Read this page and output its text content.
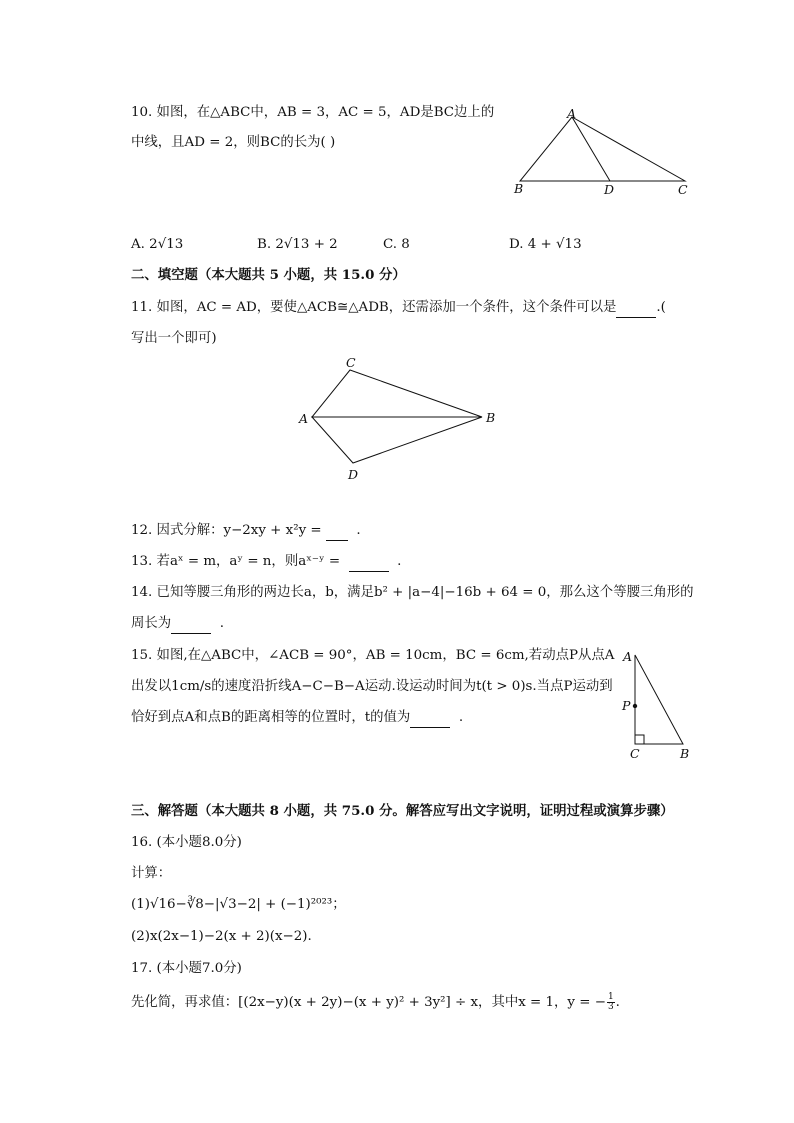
10. 如图，在△ABC中，AB = 3，AC = 5，AD是BC边上的
中线，且AD = 2，则BC的长为( )
A
B	D	C
A. 2√13	B. 2√13 + 2	C. 8	D. 4 + √13
二、填空题（本大题共 5 小题，共 15.0 分）
11. 如图，AC = AD，要使△ACB≅△ADB，还需添加一个条件，这个条件可以是	.(
写出一个即可)
C
A	B
D
12. 因式分解：y−2xy + x²y =	.
13. 若aˣ = m，aʸ = n，则aˣ⁻ʸ =	.
14. 已知等腰三角形的两边长a，b，满足b² + |a−4|−16b + 64 = 0，那么这个等腰三角形的
周长为	.
15. 如图,在△ABC中，∠ACB = 90°，AB = 10cm，BC = 6cm,若动点P从点A
出发以1cm/s的速度沿折线A−C−B−A运动.设运动时间为t(t > 0)s.当点P运动到
恰好到点A和点B的距离相等的位置时，t的值为	.
A
P
C	B
三、解答题（本大题共 8 小题，共 75.0 分。解答应写出文字说明，证明过程或演算步骤）
16. (本小题8.0分)
计算：
(1)√16−∛8−|√3−2| + (−1)²⁰²³；
(2)x(2x−1)−2(x + 2)(x−2).
17. (本小题7.0分)
先化简，再求值：[(2x−y)(x + 2y)−(x + y)² + 3y²] ÷ x，其中x = 1，y = − $\frac{1}{3}$ .
